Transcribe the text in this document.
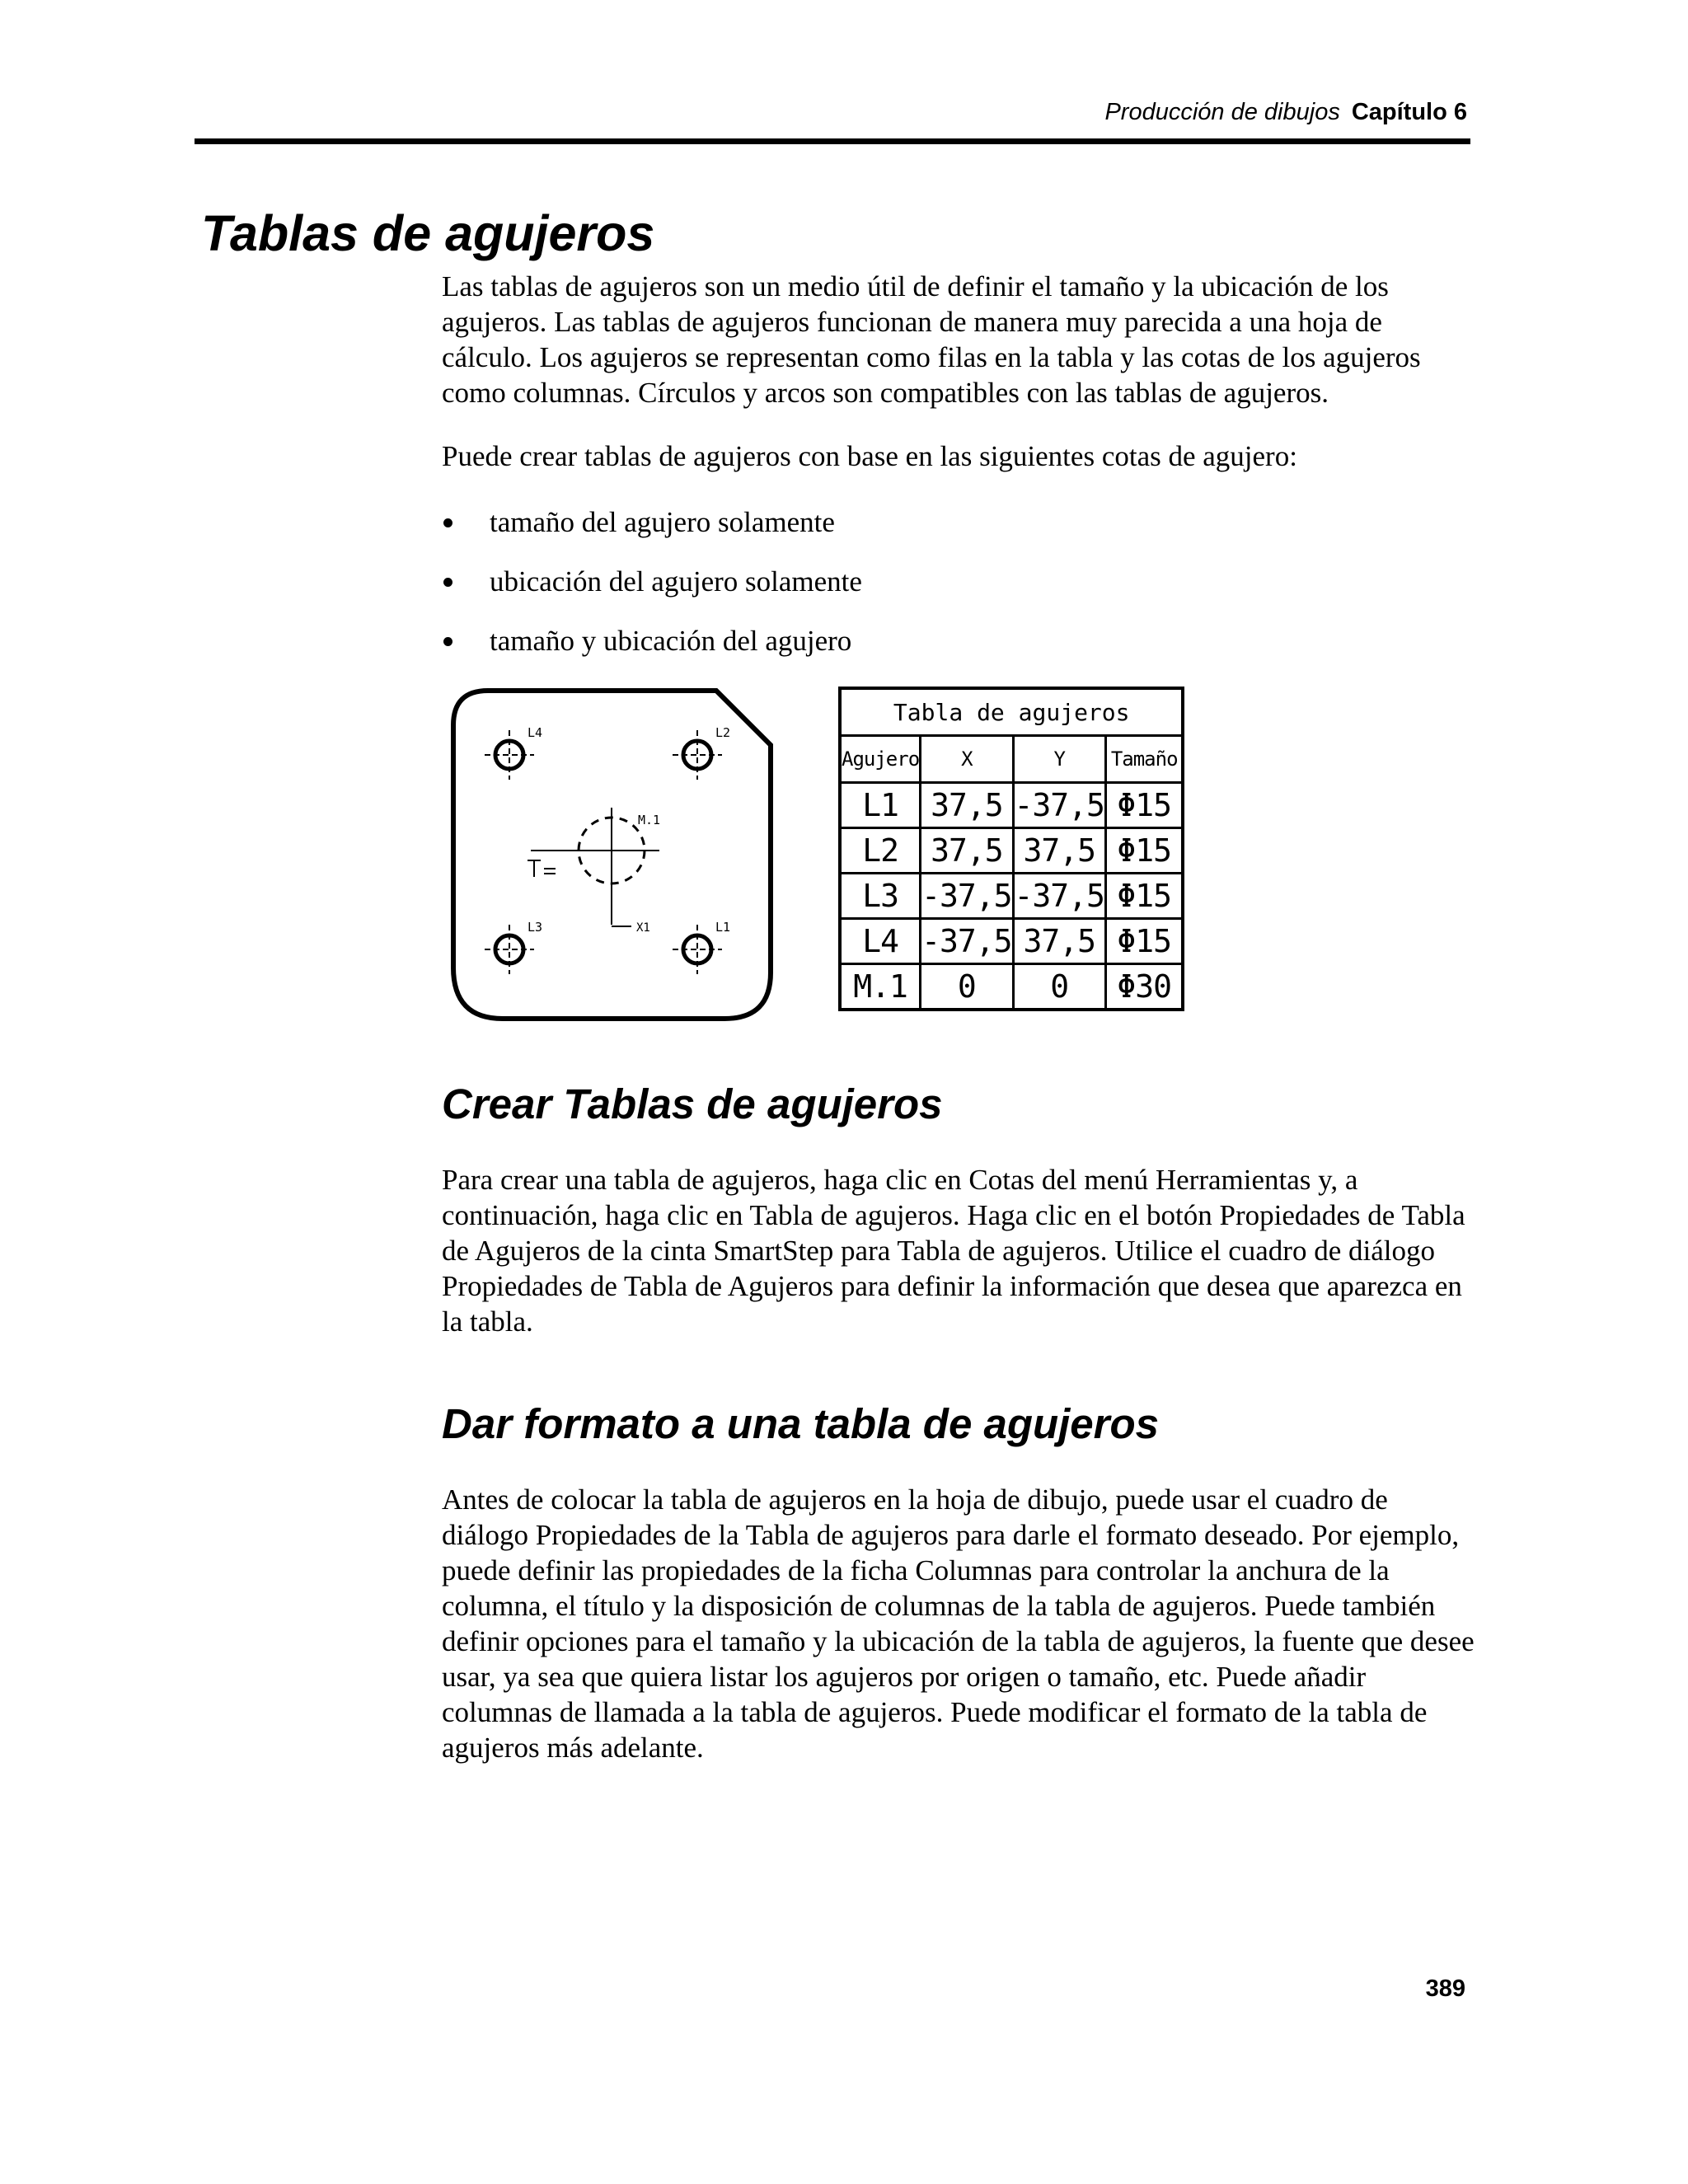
Producción de dibujos Capítulo 6
Tablas de agujeros

Las tablas de agujeros son un medio útil de definir el tamaño y la ubicación de los agujeros. Las tablas de agujeros funcionan de manera muy parecida a una hoja de cálculo. Los agujeros se representan como filas en la tabla y las cotas de los agujeros como columnas. Círculos y arcos son compatibles con las tablas de agujeros.

Puede crear tablas de agujeros con base en las siguientes cotas de agujero:

tamaño del agujero solamente
ubicación del agujero solamente
tamaño y ubicación del agujero
L4	L2
L3	L1
M.1
X1
Tabla de agujeros			
Agujero	X	Y	Tamaño
L1	37,5	-37,5	Φ15
L2	37,5	37,5	Φ15
L3	-37,5	-37,5	Φ15
L4	-37,5	37,5	Φ15
M.1	0	0	Φ30
Crear Tablas de agujeros

Para crear una tabla de agujeros, haga clic en Cotas del menú Herramientas y, a continuación, haga clic en Tabla de agujeros. Haga clic en el botón Propiedades de Tabla de Agujeros de la cinta SmartStep para Tabla de agujeros. Utilice el cuadro de diálogo Propiedades de Tabla de Agujeros para definir la información que desea que aparezca en la tabla.

Dar formato a una tabla de agujeros

Antes de colocar la tabla de agujeros en la hoja de dibujo, puede usar el cuadro de diálogo Propiedades de la Tabla de agujeros para darle el formato deseado. Por ejemplo, puede definir las propiedades de la ficha Columnas para controlar la anchura de la columna, el título y la disposición de columnas de la tabla de agujeros. Puede también definir opciones para el tamaño y la ubicación de la tabla de agujeros, la fuente que desee usar, ya sea que quiera listar los agujeros por origen o tamaño, etc. Puede añadir columnas de llamada a la tabla de agujeros. Puede modificar el formato de la tabla de agujeros más adelante.

389
